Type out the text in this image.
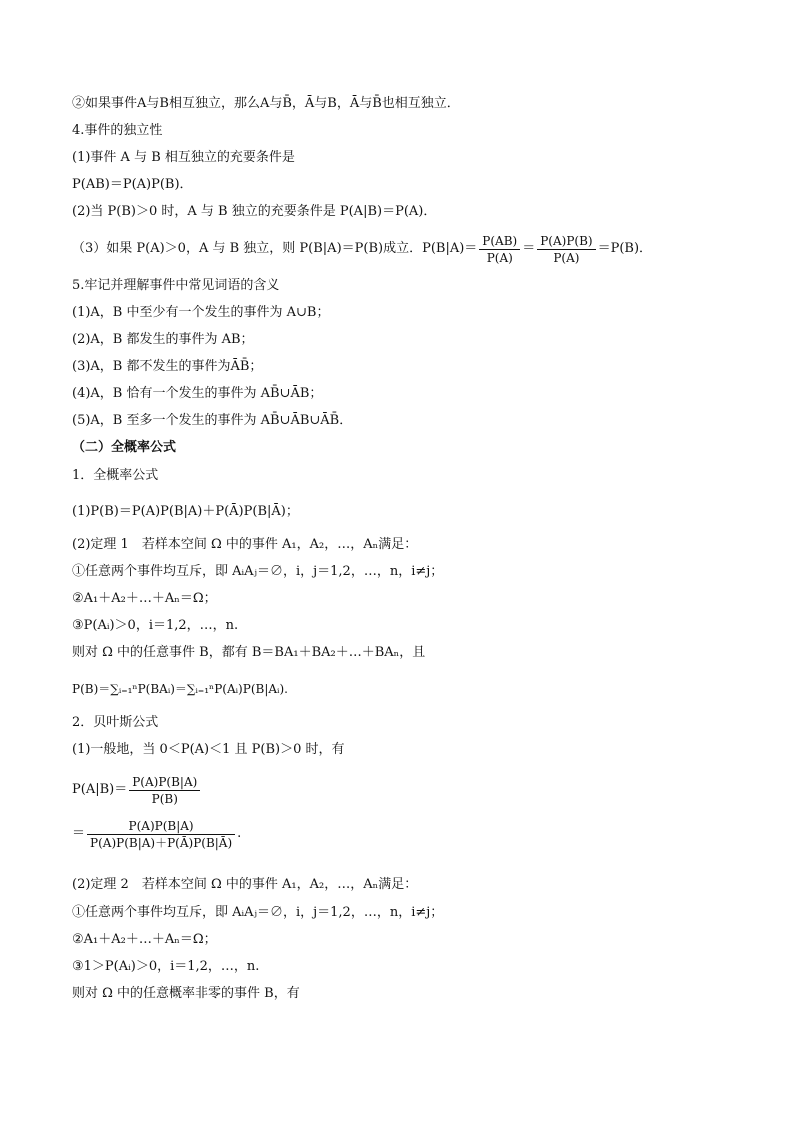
②如果事件A与B相互独立，那么A与B̄，Ā与B，Ā与B̄也相互独立．
4.事件的独立性
(1)事件 A 与 B 相互独立的充要条件是
P(AB)＝P(A)P(B)．
(2)当 P(B)＞0 时，A 与 B 独立的充要条件是 P(A|B)＝P(A)．
（3）如果 P(A)＞0，A 与 B 独立，则 P(B|A)＝P(B)成立．$P(B|A)= \frac{P(AB)}{P(A)} = \frac{P(A)P(B)}{P(A)} =P(B)$．
5.牢记并理解事件中常见词语的含义
(1)A，B 中至少有一个发生的事件为 A∪B；
(2)A，B 都发生的事件为 AB；
(3)A，B 都不发生的事件为ĀB̄；
(4)A，B 恰有一个发生的事件为 AB̄∪ĀB；
(5)A，B 至多一个发生的事件为 AB̄∪ĀB∪ĀB̄．
（二）全概率公式
1．全概率公式
(1)P(B)＝P(A)P(B|A)＋P(Ā)P(B|Ā)；
(2)定理 1　若样本空间 Ω 中的事件 A₁，A₂，…，Aₙ满足：
①任意两个事件均互斥，即 AᵢAⱼ＝∅，i，j＝1,2，…，n，i≠j；
②A₁＋A₂＋…＋Aₙ＝Ω；
③P(Aᵢ)＞0，i＝1,2，…，n.
则对 Ω 中的任意事件 B，都有 B＝BA₁＋BA₂＋…＋BAₙ，且
P(B)＝∑ᵢ₌₁ⁿP(BAᵢ)＝∑ᵢ₌₁ⁿP(Aᵢ)P(B|Aᵢ).
2．贝叶斯公式
(1)一般地，当 0＜P(A)＜1 且 P(B)＞0 时，有
$P(A|B)= \frac{P(A)P(B|A)}{P(B)}$
＝ $\frac{P(A)P(B|A)}{P(A)P(B|A)+P(Ā)P(B|Ā)}$ .
(2)定理 2　若样本空间 Ω 中的事件 A₁，A₂，…，Aₙ满足：
①任意两个事件均互斥，即 AᵢAⱼ＝∅，i，j＝1,2，…，n，i≠j；
②A₁＋A₂＋…＋Aₙ＝Ω；
③1＞P(Aᵢ)＞0，i＝1,2，…，n.
则对 Ω 中的任意概率非零的事件 B，有
